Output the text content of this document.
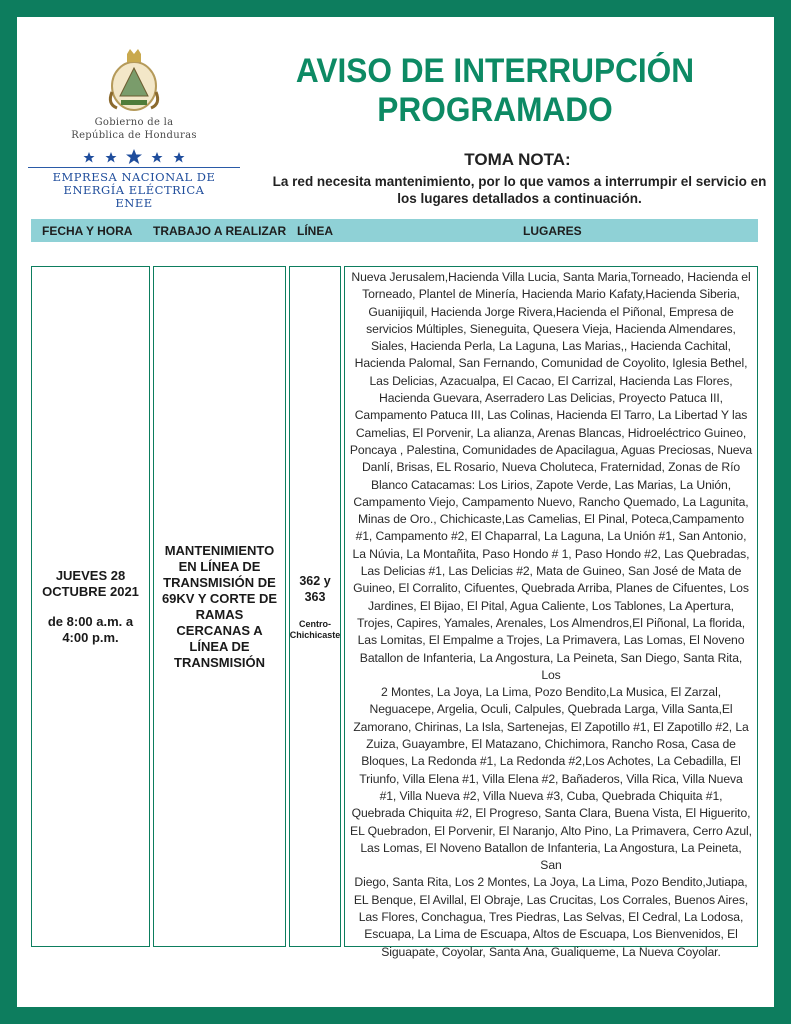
Gobierno de la
República de Honduras
EMPRESA NACIONAL DE
ENERGÍA ELÉCTRICA
ENEE
AVISO DE INTERRUPCIÓN
PROGRAMADO
TOMA NOTA:
La red necesita mantenimiento, por lo que vamos a interrumpir el servicio en
los lugares detallados a continuación.
FECHA Y HORA TRABAJO A REALIZAR LÍNEA	LUGARES
JUEVES 28
OCTUBRE 2021
de 8:00 a.m. a
4:00 p.m.
MANTENIMIENTO
EN LÍNEA DE
TRANSMISIÓN DE
69KV Y CORTE DE
RAMAS
CERCANAS A
LÍNEA DE
TRANSMISIÓN
362 y
363
Centro-
Chichicaste
Nueva Jerusalem,Hacienda Villa Lucia, Santa Maria,Torneado, Hacienda el
Torneado, Plantel de Minería, Hacienda Mario Kafaty,Hacienda Siberia,
Guanijiquil, Hacienda Jorge Rivera,Hacienda el Piñonal, Empresa de
servicios Múltiples, Sieneguita, Quesera Vieja, Hacienda Almendares,
Siales, Hacienda Perla, La Laguna, Las Marias,, Hacienda Cachital,
Hacienda Palomal, San Fernando, Comunidad de Coyolito, Iglesia Bethel,
Las Delicias, Azacualpa, El Cacao, El Carrizal, Hacienda Las Flores,
Hacienda Guevara, Aserradero Las Delicias, Proyecto Patuca III,
Campamento Patuca III, Las Colinas, Hacienda El Tarro, La Libertad Y las
Camelias, El Porvenir, La alianza, Arenas Blancas, Hidroeléctrico Guineo,
Poncaya , Palestina, Comunidades de Apacilagua, Aguas Preciosas, Nueva
Danlí, Brisas, EL Rosario, Nueva Choluteca, Fraternidad, Zonas de Río
Blanco Catacamas: Los Lirios, Zapote Verde, Las Marias, La Unión,
Campamento Viejo, Campamento Nuevo, Rancho Quemado, La Lagunita,
Minas de Oro., Chichicaste,Las Camelias, El Pinal, Poteca,Campamento
#1, Campamento #2, El Chaparral, La Laguna, La Unión #1, San Antonio,
La Núvia, La Montañita, Paso Hondo # 1, Paso Hondo #2, Las Quebradas,
Las Delicias #1, Las Delicias #2, Mata de Guineo, San José de Mata de
Guineo, El Corralito, Cifuentes, Quebrada Arriba, Planes de Cifuentes, Los
Jardines, El Bijao, El Pital, Agua Caliente, Los Tablones, La Apertura,
Trojes, Capires, Yamales, Arenales, Los Almendros,El Piñonal, La florida,
Las Lomitas, El Empalme a Trojes, La Primavera, Las Lomas, El Noveno
Batallon de Infanteria, La Angostura, La Peineta, San Diego, Santa Rita, Los
2 Montes, La Joya, La Lima, Pozo Bendito,La Musica, El Zarzal,
Neguacepe, Argelia, Oculi, Calpules, Quebrada Larga, Villa Santa,El
Zamorano, Chirinas, La Isla, Sartenejas, El Zapotillo #1, El Zapotillo #2, La
Zuiza, Guayambre, El Matazano, Chichimora, Rancho Rosa, Casa de
Bloques, La Redonda #1, La Redonda #2,Los Achotes, La Cebadilla, El
Triunfo, Villa Elena #1, Villa Elena #2, Bañaderos, Villa Rica, Villa Nueva
#1, Villa Nueva #2, Villa Nueva #3, Cuba, Quebrada Chiquita #1,
Quebrada Chiquita #2, El Progreso, Santa Clara, Buena Vista, El Higuerito,
EL Quebradon, El Porvenir, El Naranjo, Alto Pino, La Primavera, Cerro Azul,
Las Lomas, El Noveno Batallon de Infanteria, La Angostura, La Peineta, San
Diego, Santa Rita, Los 2 Montes, La Joya, La Lima, Pozo Bendito,Jutiapa,
EL Benque, El Avillal, El Obraje, Las Crucitas, Los Corrales, Buenos Aires,
Las Flores, Conchagua, Tres Piedras, Las Selvas, El Cedral, La Lodosa,
Escuapa, La Lima de Escuapa, Altos de Escuapa, Los Bienvenidos, El
Siguapate, Coyolar, Santa Ana, Gualiqueme, La Nueva Coyolar.
